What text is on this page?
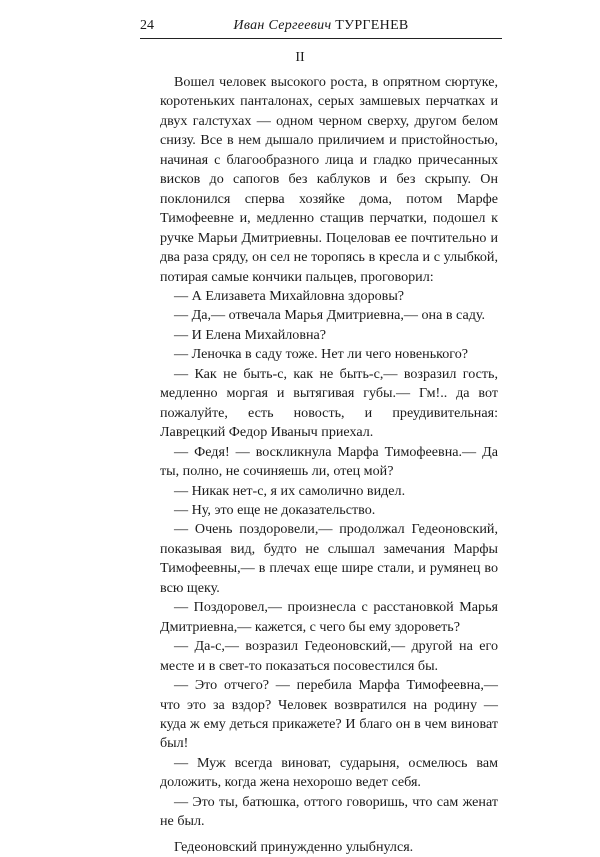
24	Иван Сергеевич ТУРГЕНЕВ
II

Вошел человек высокого роста, в опрятном сюртуке, коротеньких панталонах, серых замшевых перчатках и двух галстухах — одном черном сверху, другом белом снизу. Все в нем дышало приличием и пристойностью, начиная с благообразного лица и гладко причесанных висков до сапогов без каблуков и без скрыпу. Он поклонился сперва хозяйке дома, потом Марфе Тимофеевне и, медленно стащив перчатки, подошел к ручке Марьи Дмитриевны. Поцеловав ее почтительно и два раза сряду, он сел не торопясь в кресла и с улыбкой, потирая самые кончики пальцев, проговорил:

— А Елизавета Михайловна здоровы?

— Да,— отвечала Марья Дмитриевна,— она в саду.

— И Елена Михайловна?

— Леночка в саду тоже. Нет ли чего новенького?

— Как не быть-с, как не быть-с,— возразил гость, медленно моргая и вытягивая губы.— Гм!.. да вот пожалуйте, есть новость, и преудивительная: Лаврецкий Федор Иваныч приехал.

— Федя! — воскликнула Марфа Тимофеевна.— Да ты, полно, не сочиняешь ли, отец мой?

— Никак нет-с, я их самолично видел.

— Ну, это еще не доказательство.

— Очень поздоровели,— продолжал Гедеоновский, показывая вид, будто не слышал замечания Марфы Тимофеевны,— в плечах еще шире стали, и румянец во всю щеку.

— Поздоровел,— произнесла с расстановкой Марья Дмитриевна,— кажется, с чего бы ему здороветь?

— Да-с,— возразил Гедеоновский,— другой на его месте и в свет-то показаться посовестился бы.

— Это отчего? — перебила Марфа Тимофеевна,— что это за вздор? Человек возвратился на родину — куда ж ему деться прикажете? И благо он в чем виноват был!

— Муж всегда виноват, сударыня, осмелюсь вам доложить, когда жена нехорошо ведет себя.

— Это ты, батюшка, оттого говоришь, что сам женат не был.

Гедеоновский принужденно улыбнулся.
